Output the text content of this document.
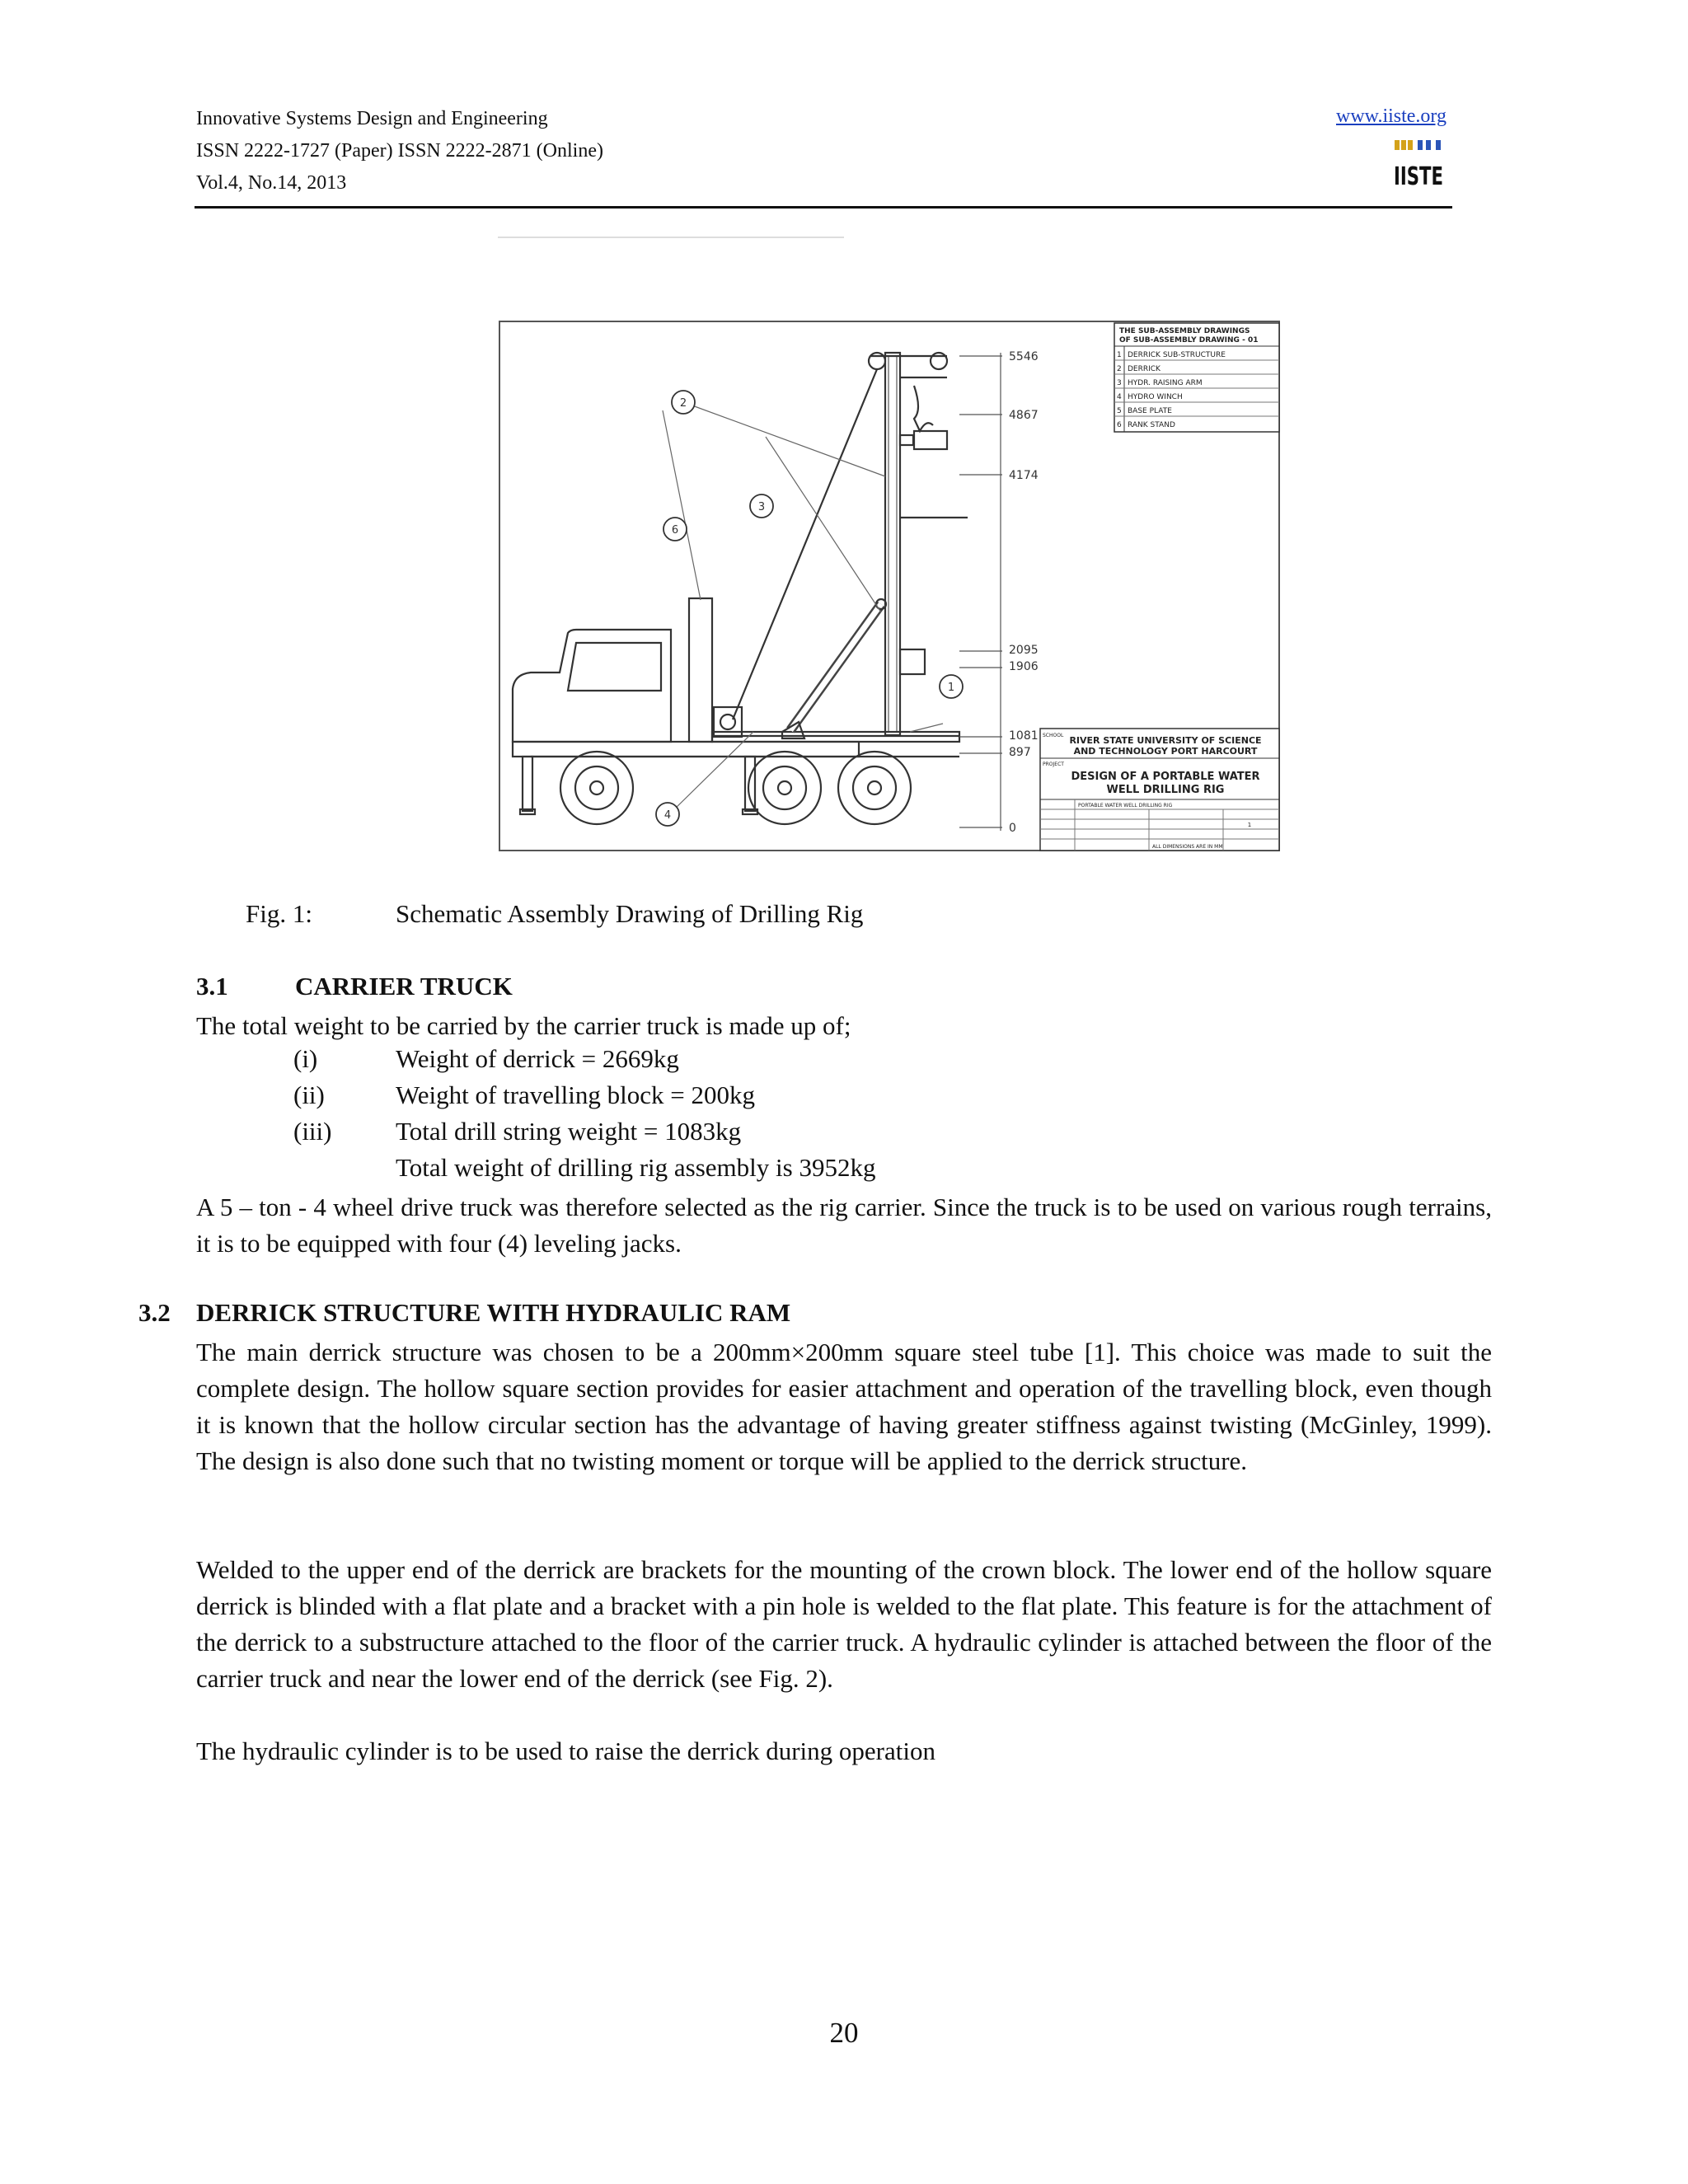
Innovative Systems Design and Engineering
ISSN 2222-1727 (Paper) ISSN 2222-2871 (Online)
Vol.4, No.14, 2013
www.iiste.org
IISTE
2
3
6
1
4
5546
4867
4174
2095
1906
1081
897
0
THE SUB-ASSEMBLY DRAWINGS
OF SUB-ASSEMBLY DRAWING - 01
1 DERRICK SUB-STRUCTURE
2 DERRICK
3 HYDR. RAISING ARM
4 HYDRO WINCH
5 BASE PLATE
6 RANK STAND
SCHOOL RIVER STATE UNIVERSITY OF SCIENCE
AND TECHNOLOGY PORT HARCOURT
PROJECT
DESIGN OF A PORTABLE WATER
WELL DRILLING RIG
PORTABLE WATER WELL DRILLING RIG
1
ALL DIMENSIONS ARE IN MM
Fig. 1:	Schematic Assembly Drawing of Drilling Rig
3.1	CARRIER TRUCK
The total weight to be carried by the carrier truck is made up of;
(i)	Weight of derrick = 2669kg
(ii)	Weight of travelling block = 200kg
(iii)	Total drill string weight = 1083kg
Total weight of drilling rig assembly is 3952kg
A 5 – ton - 4 wheel drive truck was therefore selected as the rig carrier. Since the truck is to be used on various rough terrains, it is to be equipped with four (4) leveling jacks.
3.2 DERRICK STRUCTURE WITH HYDRAULIC RAM
The main derrick structure was chosen to be a 200mm×200mm square steel tube [1]. This choice was made to suit the complete design. The hollow square section provides for easier attachment and operation of the travelling block, even though it is known that the hollow circular section has the advantage of having greater stiffness against twisting (McGinley, 1999). The design is also done such that no twisting moment or torque will be applied to the derrick structure.
Welded to the upper end of the derrick are brackets for the mounting of the crown block. The lower end of the hollow square derrick is blinded with a flat plate and a bracket with a pin hole is welded to the flat plate. This feature is for the attachment of the derrick to a substructure attached to the floor of the carrier truck. A hydraulic cylinder is attached between the floor of the carrier truck and near the lower end of the derrick (see Fig. 2).
The hydraulic cylinder is to be used to raise the derrick during operation
20
